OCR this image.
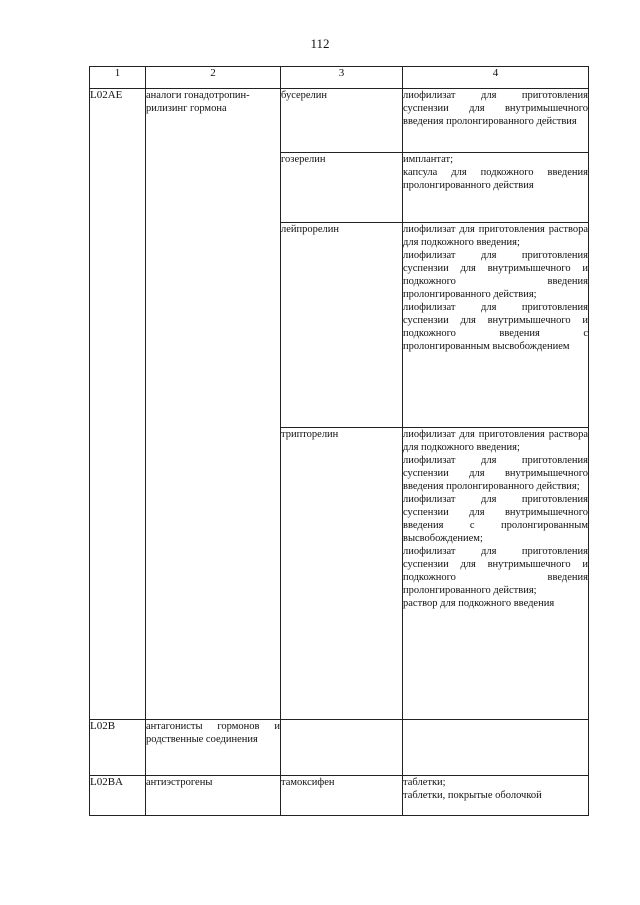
112
1	2	3	4
L02AE	аналоги гонадотропин-рилизинг гормона	бусерелин	лиофилизат для приготовления суспензии для внутримышечного введения пролонгированного действия

		гозерелин	имплантат;
капсула для подкожного введения пролонгированного действия

		лейпрорелин	лиофилизат для приготовления раствора для подкожного введения;
лиофилизат для приготовления суспензии для внутримышечного и подкожного введения пролонгированного действия;
лиофилизат для приготовления суспензии для внутримышечного и подкожного введения с пролонгированным высвобождением

		трипторелин	лиофилизат для приготовления раствора для подкожного введения;
лиофилизат для приготовления суспензии для внутримышечного введения пролонгированного действия;
лиофилизат для приготовления суспензии для внутримышечного введения с пролонгированным высвобождением;
лиофилизат для приготовления суспензии для внутримышечного и подкожного введения пролонгированного действия;
раствор для подкожного введения

L02B	антагонисты гормонов и родственные соединения		
L02BA	антиэстрогены	тамоксифен	таблетки;
таблетки, покрытые оболочкой
